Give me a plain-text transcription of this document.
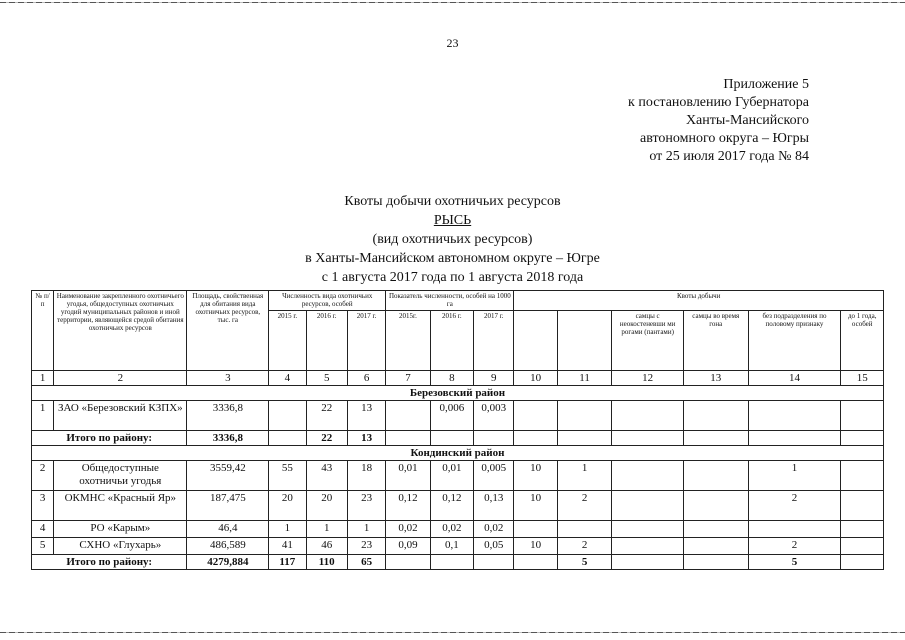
23
Приложение 5
к постановлению Губернатора
Ханты-Мансийского
автономного округа – Югры
от 25 июля 2017 года № 84
Квоты добычи охотничьих ресурсов
РЫСЬ
(вид охотничьих ресурсов)
в Ханты-Мансийском автономном округе – Югре
с 1 августа 2017 года по 1 августа 2018 года
№ п/п	Наименование закрепленного охотничьего угодья, общедоступных охотничьих угодий муниципальных районов и иной территории, являющейся средой обитания охотничьих ресурсов	Площадь, свойственная для обитания вида охотничьих ресурсов, тыс. га	Численность вида охотничьих ресурсов, особей			Показатель численности, особей на 1000 га			Квоты добычи					
			2015 г.	2016 г.	2017 г.	2015г.	2016 г.	2017 г.			самцы с неокостеневши ми рогами (пантами)	самцы во время гона	без подразделения по половому признаку	до 1 года, особей
1	2	3	4	5	6	7	8	9	10	11	12	13	14	15
Березовский район														
1	ЗАО «Березовский КЗПХ»	3336,8		22	13		0,006	0,003						
Итого по району:		3336,8		22	13									
Кондинский район														
2	Общедоступные охотничьи угодья	3559,42	55	43	18	0,01	0,01	0,005	10	1			1	
3	ОКМНС «Красный Яр»	187,475	20	20	23	0,12	0,12	0,13	10	2			2	
4	РО «Карым»	46,4	1	1	1	0,02	0,02	0,02						
5	СХНО «Глухарь»	486,589	41	46	23	0,09	0,1	0,05	10	2			2	
Итого по району:		4279,884	117	110	65					5			5	
